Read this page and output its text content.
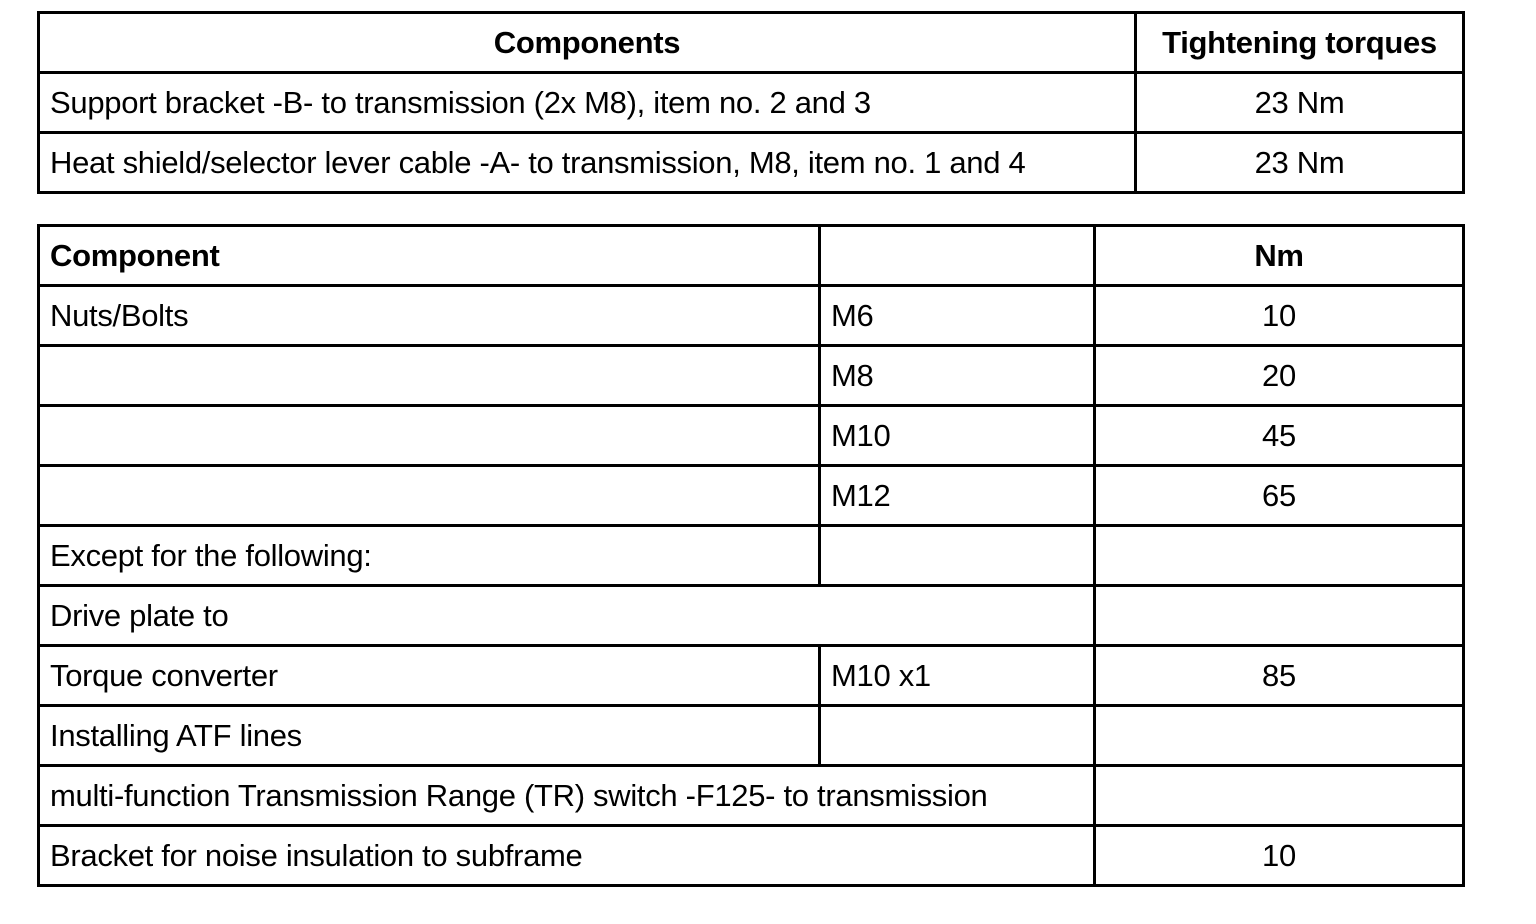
Components	Tightening torques
Support bracket -B- to transmission (2x M8), item no. 2 and 3	23 Nm
Heat shield/selector lever cable -A- to transmission, M8, item no. 1 and 4	23 Nm
Component		Nm
Nuts/Bolts	M6	10
	M8	20
	M10	45
	M12	65
Except for the following:		
Drive plate to		
Torque converter	M10 x1	85
Installing ATF lines		
multi-function Transmission Range (TR) switch -F125- to transmission		
Bracket for noise insulation to subframe		10
